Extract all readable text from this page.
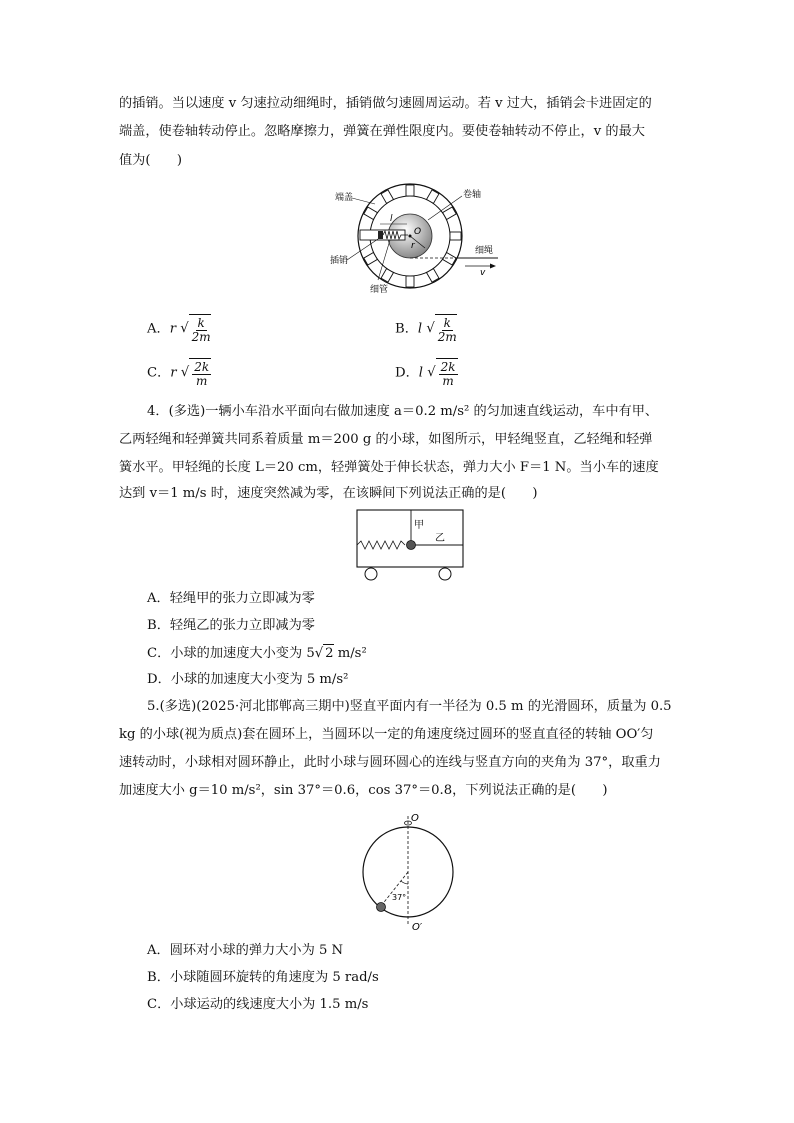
的插销。当以速度 v 匀速拉动细绳时，插销做匀速圆周运动。若 v 过大，插销会卡进固定的
端盖，使卷轴转动停止。忽略摩擦力，弹簧在弹性限度内。要使卷轴转动不停止，v 的最大
值为(　　)
端盖	卷轴
插销
细管
细绳
l
O
r
v
A．r √ $\frac{k}{2m}$	B．l √ $\frac{k}{2m}$
C．r √ $\frac{2k}{m}$	D．l √ $\frac{2k}{m}$
4．(多选)一辆小车沿水平面向右做加速度 a＝0.2 m/s² 的匀加速直线运动，车中有甲、
乙两轻绳和轻弹簧共同系着质量 m＝200 g 的小球，如图所示，甲轻绳竖直，乙轻绳和轻弹
簧水平。甲轻绳的长度 L＝20 cm，轻弹簧处于伸长状态，弹力大小 F＝1 N。当小车的速度
达到 v＝1 m/s 时，速度突然减为零，在该瞬间下列说法正确的是(　　)
甲
乙
A．轻绳甲的张力立即减为零
B．轻绳乙的张力立即减为零
C．小球的加速度大小变为 5√ 2 m/s²
D．小球的加速度大小变为 5 m/s²
5.(多选)(2025·河北邯郸高三期中)竖直平面内有一半径为 0.5 m 的光滑圆环，质量为 0.5
kg 的小球(视为质点)套在圆环上，当圆环以一定的角速度绕过圆环的竖直直径的转轴 OO′匀
速转动时，小球相对圆环静止，此时小球与圆环圆心的连线与竖直方向的夹角为 37°，取重力
加速度大小 g＝10 m/s²，sin 37°＝0.6，cos 37°＝0.8，下列说法正确的是(　　)
O
O′
37°
A．圆环对小球的弹力大小为 5 N
B．小球随圆环旋转的角速度为 5 rad/s
C．小球运动的线速度大小为 1.5 m/s
